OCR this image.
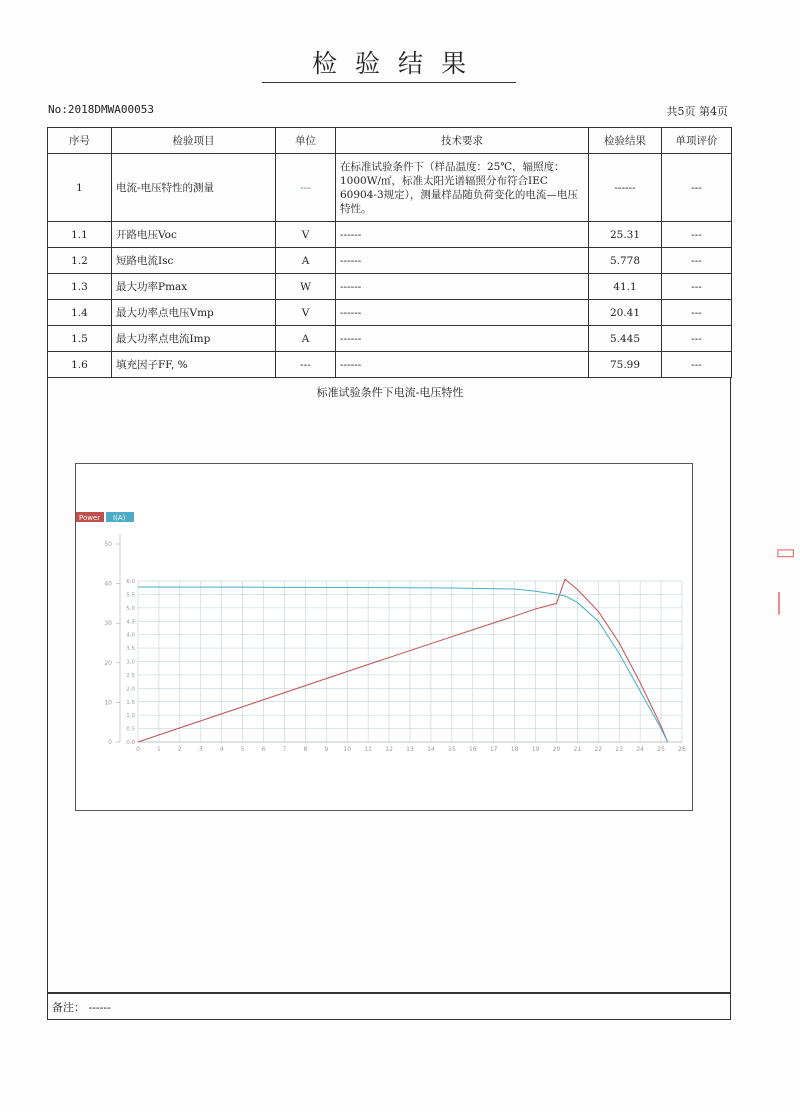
检验结果
No:2018DMWA00053	共5页 第4页
序号	检验项目	单位	技术要求	检验结果	单项评价
1	电流-电压特性的测量	---	在标准试验条件下（样品温度：25℃，辐照度：1000W/㎡，标准太阳光谱辐照分布符合IEC 60904-3规定），测量样品随负荷变化的电流—电压特性。	------	---
1.1	开路电压Voc	V	------	25.31	---
1.2	短路电流Isc	A	------	5.778	---
1.3	最大功率Pmax	W	------	41.1	---
1.4	最大功率点电压Vmp	V	------	20.41	---
1.5	最大功率点电流Imp	A	------	5.445	---
1.6	填充因子FF, %	---	------	75.99	---
标准试验条件下电流-电压特性
0	1	2	3	4	5	6	7	8	9	10 11 12 13 14 15 16 17 18 19 20 21 22 23 24 25 26
0.0
0.5
1.0
1.5
2.0
2.5
3.0
3.5
4.0
4.5
5.0
5.5
6.0
0
10
20
30
40
50
Power I(A)
备注： ------
▭
|
